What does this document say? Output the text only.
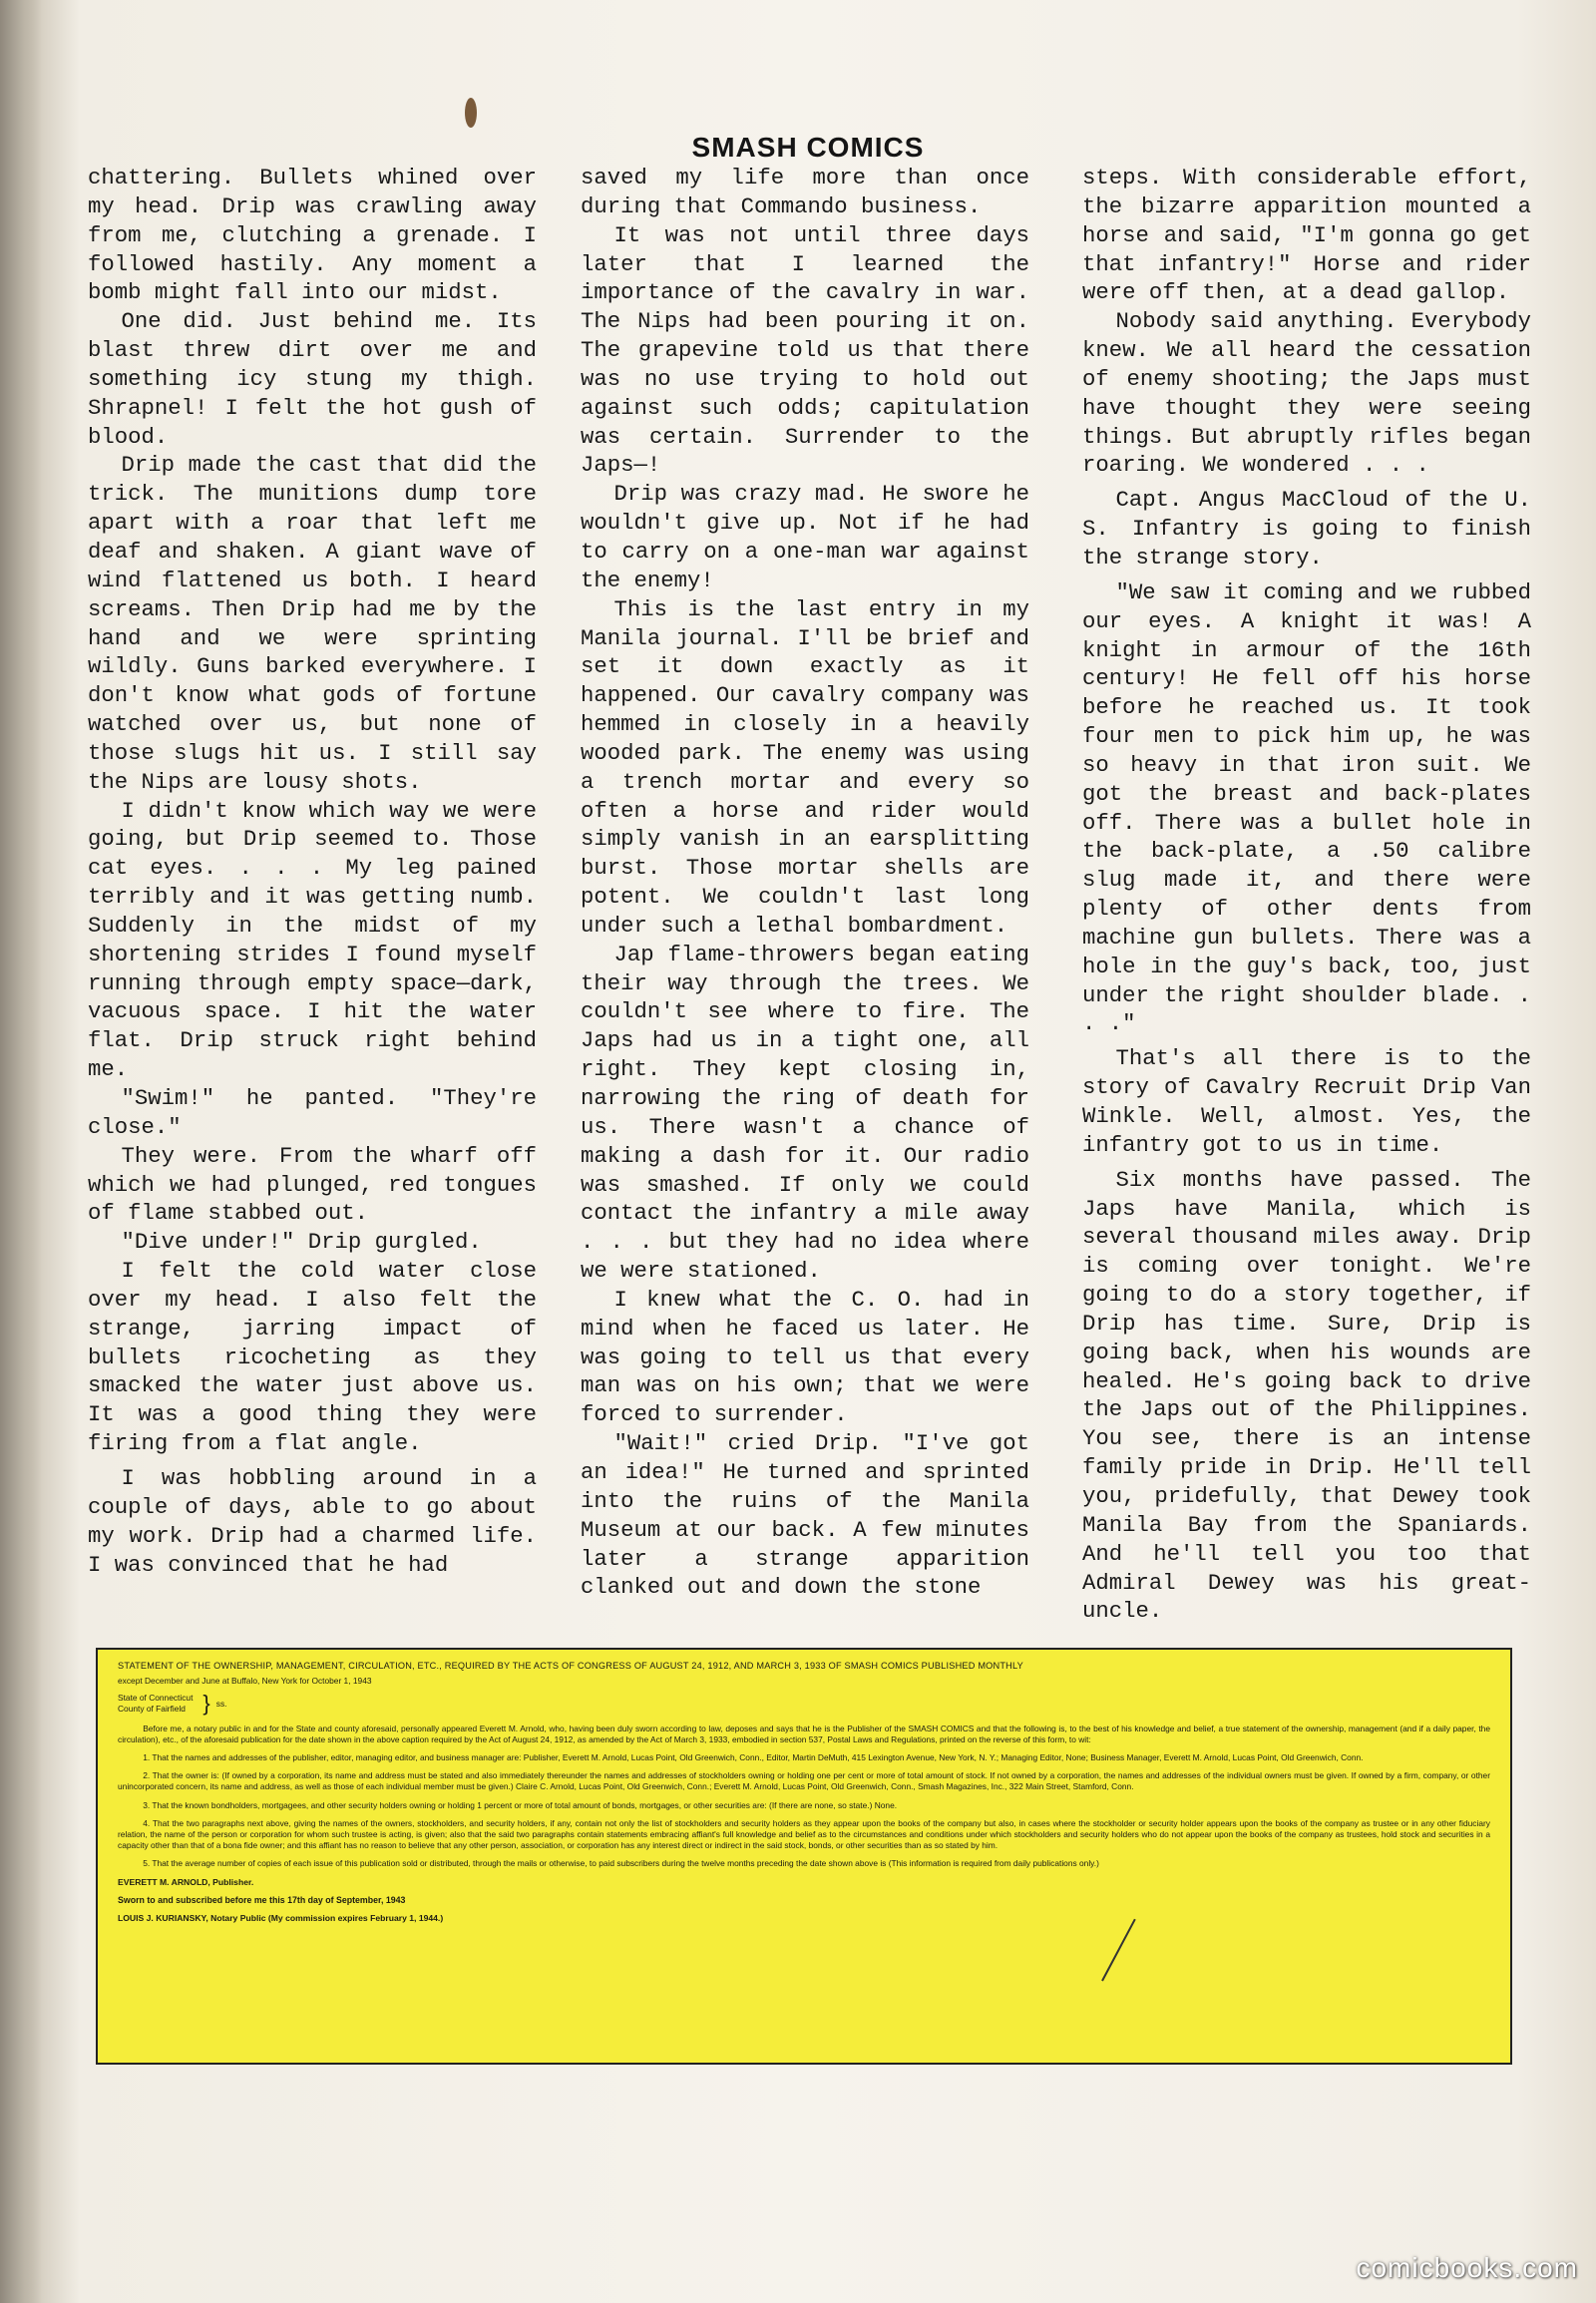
SMASH COMICS

chattering. Bullets whined over my head. Drip was crawling away from me, clutching a grenade. I followed hastily. Any moment a bomb might fall into our midst.

One did. Just behind me. Its blast threw dirt over me and something icy stung my thigh. Shrapnel! I felt the hot gush of blood.

Drip made the cast that did the trick. The munitions dump tore apart with a roar that left me deaf and shaken. A giant wave of wind flattened us both. I heard screams. Then Drip had me by the hand and we were sprinting wildly. Guns barked everywhere. I don't know what gods of fortune watched over us, but none of those slugs hit us. I still say the Nips are lousy shots.

I didn't know which way we were going, but Drip seemed to. Those cat eyes. . . . My leg pained terribly and it was getting numb. Suddenly in the midst of my shortening strides I found myself running through empty space—dark, vacuous space. I hit the water flat. Drip struck right behind me.

"Swim!" he panted. "They're close."

They were. From the wharf off which we had plunged, red tongues of flame stabbed out.

"Dive under!" Drip gurgled.

I felt the cold water close over my head. I also felt the strange, jarring impact of bullets ricocheting as they smacked the water just above us. It was a good thing they were firing from a flat angle.

I was hobbling around in a couple of days, able to go about my work. Drip had a charmed life. I was convinced that he had

saved my life more than once during that Commando business.

It was not until three days later that I learned the importance of the cavalry in war. The Nips had been pouring it on. The grapevine told us that there was no use trying to hold out against such odds; capitulation was certain. Surrender to the Japs—!

Drip was crazy mad. He swore he wouldn't give up. Not if he had to carry on a one-man war against the enemy!

This is the last entry in my Manila journal. I'll be brief and set it down exactly as it happened. Our cavalry company was hemmed in closely in a heavily wooded park. The enemy was using a trench mortar and every so often a horse and rider would simply vanish in an earsplitting burst. Those mortar shells are potent. We couldn't last long under such a lethal bombardment.

Jap flame-throwers began eating their way through the trees. We couldn't see where to fire. The Japs had us in a tight one, all right. They kept closing in, narrowing the ring of death for us. There wasn't a chance of making a dash for it. Our radio was smashed. If only we could contact the infantry a mile away . . . but they had no idea where we were stationed.

I knew what the C. O. had in mind when he faced us later. He was going to tell us that every man was on his own; that we were forced to surrender.

"Wait!" cried Drip. "I've got an idea!" He turned and sprinted into the ruins of the Manila Museum at our back. A few minutes later a strange apparition clanked out and down the stone

steps. With considerable effort, the bizarre apparition mounted a horse and said, "I'm gonna go get that infantry!" Horse and rider were off then, at a dead gallop.

Nobody said anything. Everybody knew. We all heard the cessation of enemy shooting; the Japs must have thought they were seeing things. But abruptly rifles began roaring. We wondered . . .

Capt. Angus MacCloud of the U. S. Infantry is going to finish the strange story.

"We saw it coming and we rubbed our eyes. A knight it was! A knight in armour of the 16th century! He fell off his horse before he reached us. It took four men to pick him up, he was so heavy in that iron suit. We got the breast and back-plates off. There was a bullet hole in the back-plate, a .50 calibre slug made it, and there were plenty of other dents from machine gun bullets. There was a hole in the guy's back, too, just under the right shoulder blade. . . ."

That's all there is to the story of Cavalry Recruit Drip Van Winkle. Well, almost. Yes, the infantry got to us in time.

Six months have passed. The Japs have Manila, which is several thousand miles away. Drip is coming over tonight. We're going to do a story together, if Drip has time. Sure, Drip is going back, when his wounds are healed. He's going back to drive the Japs out of the Philippines. You see, there is an intense family pride in Drip. He'll tell you, pridefully, that Dewey took Manila Bay from the Spaniards. And he'll tell you too that Admiral Dewey was his great-uncle.

STATEMENT OF THE OWNERSHIP, MANAGEMENT, CIRCULATION, ETC., REQUIRED BY THE ACTS OF CONGRESS OF AUGUST 24, 1912, AND MARCH 3, 1933 OF SMASH COMICS PUBLISHED MONTHLY

except December and June at Buffalo, New York for October 1, 1943

State of Connecticut
County of Fairfield } ss.

Before me, a notary public in and for the State and county aforesaid, personally appeared Everett M. Arnold, who, having been duly sworn according to law, deposes and says that he is the Publisher of the SMASH COMICS and that the following is, to the best of his knowledge and belief, a true statement of the ownership, management (and if a daily paper, the circulation), etc., of the aforesaid publication for the date shown in the above caption required by the Act of August 24, 1912, as amended by the Act of March 3, 1933, embodied in section 537, Postal Laws and Regulations, printed on the reverse of this form, to wit:

1. That the names and addresses of the publisher, editor, managing editor, and business manager are: Publisher, Everett M. Arnold, Lucas Point, Old Greenwich, Conn., Editor, Martin DeMuth, 415 Lexington Avenue, New York, N. Y.; Managing Editor, None; Business Manager, Everett M. Arnold, Lucas Point, Old Greenwich, Conn.

2. That the owner is: (If owned by a corporation, its name and address must be stated and also immediately thereunder the names and addresses of stockholders owning or holding one per cent or more of total amount of stock. If not owned by a corporation, the names and addresses of the individual owners must be given. If owned by a firm, company, or other unincorporated concern, its name and address, as well as those of each individual member must be given.) Claire C. Arnold, Lucas Point, Old Greenwich, Conn.; Everett M. Arnold, Lucas Point, Old Greenwich, Conn., Smash Magazines, Inc., 322 Main Street, Stamford, Conn.

3. That the known bondholders, mortgagees, and other security holders owning or holding 1 percent or more of total amount of bonds, mortgages, or other securities are: (If there are none, so state.) None.

4. That the two paragraphs next above, giving the names of the owners, stockholders, and security holders, if any, contain not only the list of stockholders and security holders as they appear upon the books of the company but also, in cases where the stockholder or security holder appears upon the books of the company as trustee or in any other fiduciary relation, the name of the person or corporation for whom such trustee is acting, is given; also that the said two paragraphs contain statements embracing affiant's full knowledge and belief as to the circumstances and conditions under which stockholders and security holders who do not appear upon the books of the company as trustees, hold stock and securities in a capacity other than that of a bona fide owner; and this affiant has no reason to believe that any other person, association, or corporation has any interest direct or indirect in the said stock, bonds, or other securities than as so stated by him.

5. That the average number of copies of each issue of this publication sold or distributed, through the mails or otherwise, to paid subscribers during the twelve months preceding the date shown above is (This information is required from daily publications only.)

EVERETT M. ARNOLD, Publisher.

Sworn to and subscribed before me this 17th day of September, 1943

LOUIS J. KURIANSKY, Notary Public (My commission expires February 1, 1944.)

comicbooks.com
